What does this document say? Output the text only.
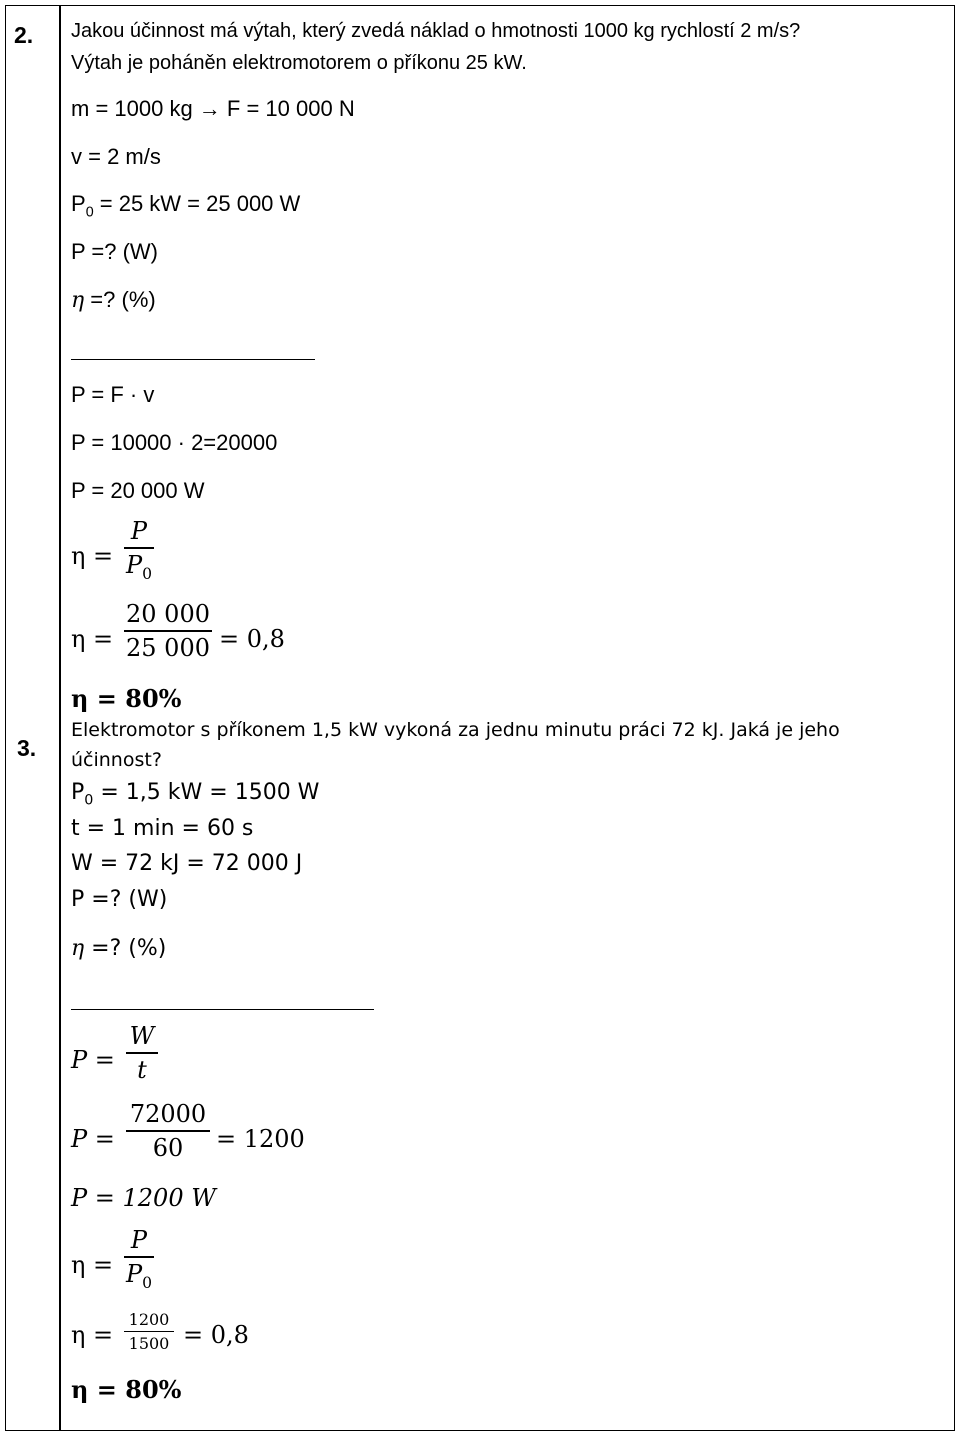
2. Jakou účinnost má výtah, který zvedá náklad o hmotnosti 1000 kg rychlostí 2 m/s?
Výtah je poháněn elektromotorem o příkonu 25 kW.
m = 1000 kg → F = 10 000 N
v = 2 m/s
$P_0 = 25$ kW = 25 000 W
P =? (W)
η =? (%)
P = F · v
P = 10000 · 2=20000
P = 20 000 W
η =
P
$P_0$
η =
20 000
25 000 = 0,8
η = 80%
3.
Elektromotor s příkonem 1,5 kW vykoná za jednu minutu práci 72 kJ. Jaká je jeho
účinnost?
$P_0 = 1,5$ kW = 1500 W
t = 1 min = 60 s
W = 72 kJ = 72 000 J
P =? (W)
η =? (%)
P =
W
t
P =
72000
60	= 1200
P = 1200 W
η =
P
$P_0$
η =
1200
1500 = 0,8
η = 80%
